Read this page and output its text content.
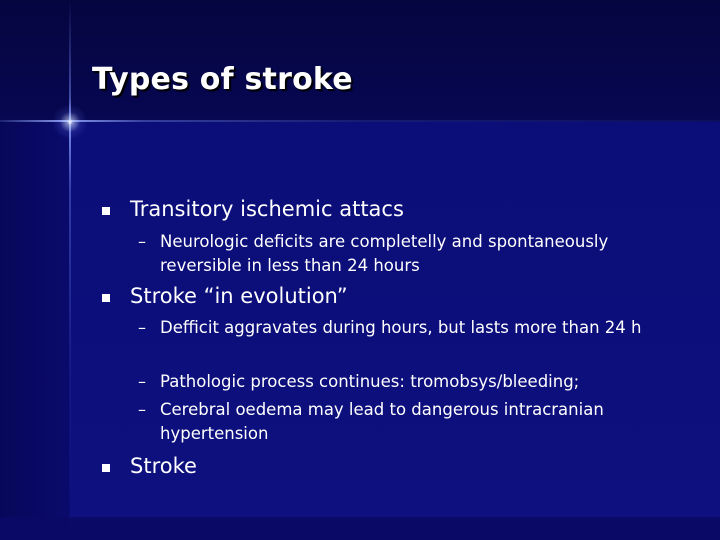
Types of stroke
Transitory ischemic attacs
– Neurologic deficits are completelly and spontaneously reversible in less than 24 hours
Stroke “in evolution”
– Defficit aggravates during hours, but lasts more than 24 h
– Pathologic process continues: tromobsys/bleeding;
– Cerebral oedema may lead to dangerous intracranian hypertension
Stroke
